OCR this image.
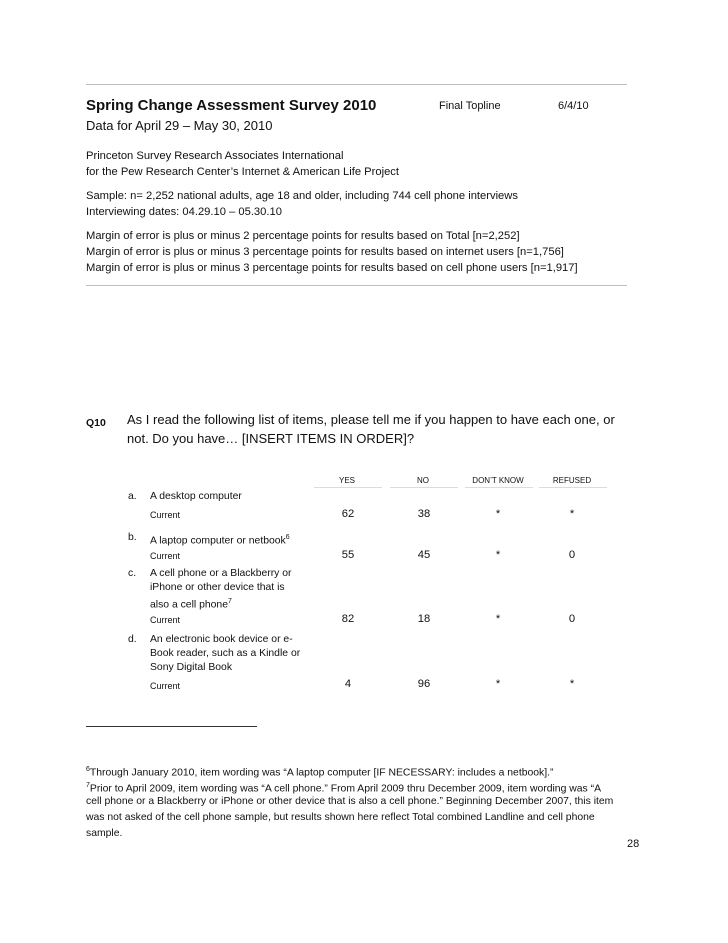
Spring Change Assessment Survey 2010	Final Topline	6/4/10
Data for April 29 – May 30, 2010
Princeton Survey Research Associates International
for the Pew Research Center’s Internet & American Life Project
Sample: n= 2,252 national adults, age 18 and older, including 744 cell phone interviews
Interviewing dates: 04.29.10 – 05.30.10
Margin of error is plus or minus 2 percentage points for results based on Total [n=2,252]
Margin of error is plus or minus 3 percentage points for results based on internet users [n=1,756]
Margin of error is plus or minus 3 percentage points for results based on cell phone users [n=1,917]
Q10 As I read the following list of items, please tell me if you happen to have each one, or
not. Do you have… [INSERT ITEMS IN ORDER]?
YES	NO	DON’T KNOW	REFUSED
a. A desktop computer
Current	62	38	*	*
b. A laptop computer or netbook$^6$
Current	55	45	*	0
c. A cell phone or a Blackberry or
iPhone or other device that is
also a cell phone$^7$
Current	82	18	*	0
d. An electronic book device or e-
Book reader, such as a Kindle or
Sony Digital Book
Current	4	96	*	*
$^6$Through January 2010, item wording was “A laptop computer [IF NECESSARY: includes a netbook].”
$^7$Prior to April 2009, item wording was “A cell phone.” From April 2009 thru December 2009, item wording was “A
cell phone or a Blackberry or iPhone or other device that is also a cell phone.” Beginning December 2007, this item
was not asked of the cell phone sample, but results shown here reflect Total combined Landline and cell phone
sample.
28
